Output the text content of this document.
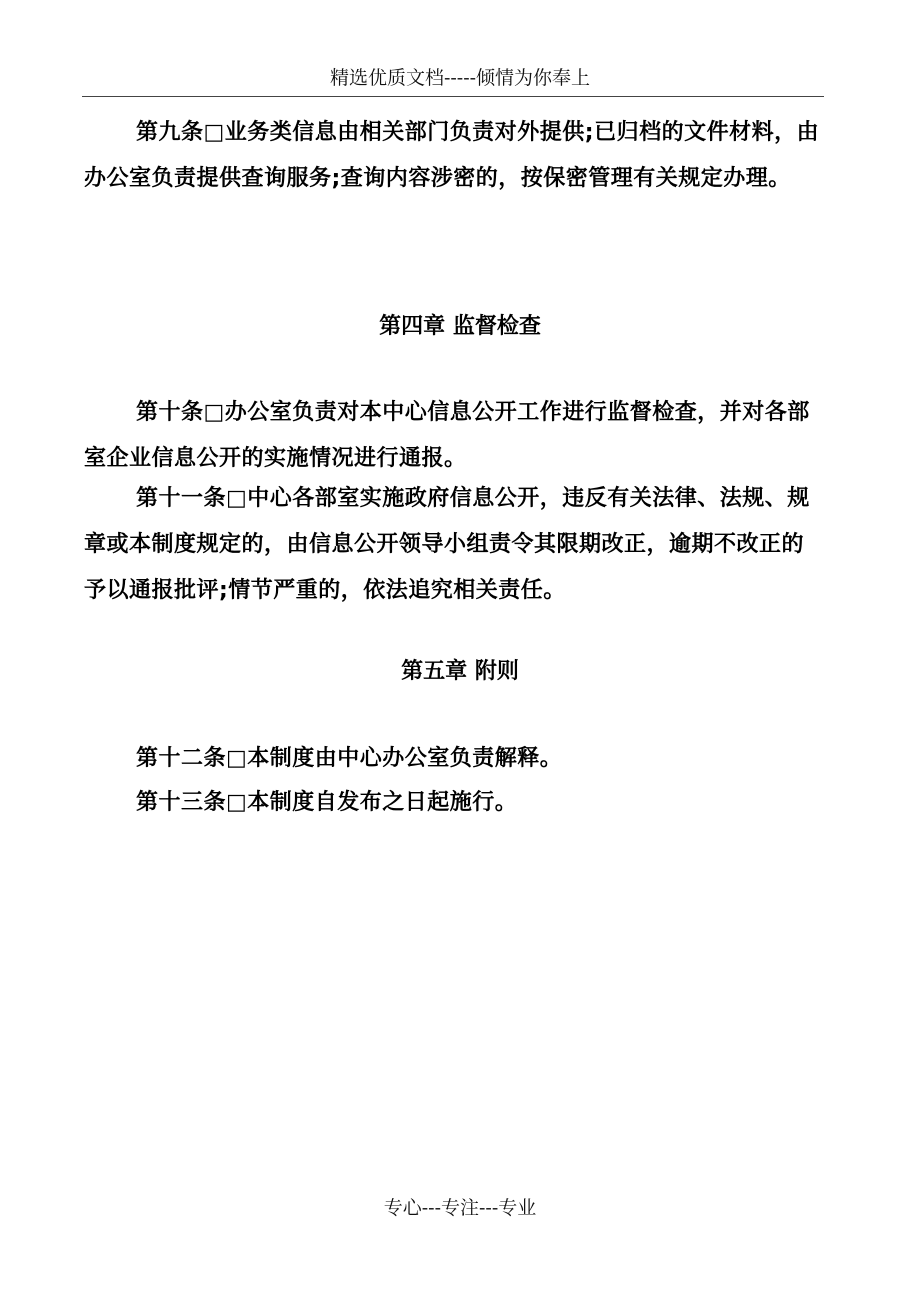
精选优质文档-----倾情为你奉上
第九条□业务类信息由相关部门负责对外提供;已归档的文件材料，由办公室负责提供查询服务;查询内容涉密的，按保密管理有关规定办理。
第四章 监督检查
第十条□办公室负责对本中心信息公开工作进行监督检查，并对各部室企业信息公开的实施情况进行通报。
第十一条□中心各部室实施政府信息公开，违反有关法律、法规、规章或本制度规定的，由信息公开领导小组责令其限期改正，逾期不改正的予以通报批评;情节严重的，依法追究相关责任。
第五章 附则
第十二条□本制度由中心办公室负责解释。
第十三条□本制度自发布之日起施行。
专心---专注---专业
